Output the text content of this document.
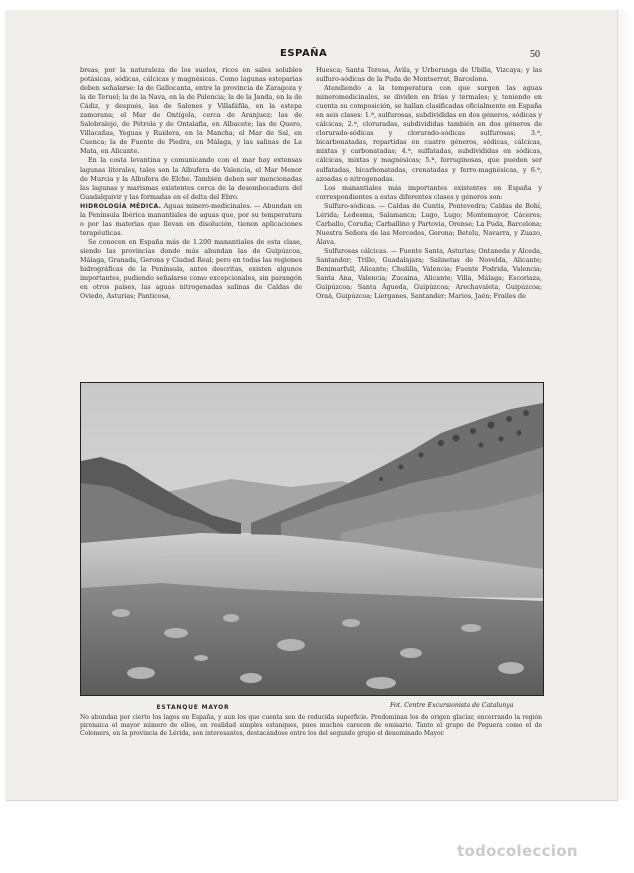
ESPAÑA	50

breas, por la naturaleza de los suelos, ricos en sales solubles potásicas, sódicas, cálcicas y magnésicas. Como lagunas esteparias deben señalarse: la de Gallocanta, entre la provincia de Zaragoza y la de Teruel; la de la Nava, en la de Palencia; la de la Janda, en la de Cádiz, y después, las de Salones y Villafáfila, en la estepa zamorana; el Mar de Ontígola, cerca de Aranjuez; las de Salobralejo, de Pétrola y de Ontalafia, en Albacete; las de Quero, Villacañas, Yeguas y Ruidera, en la Mancha; el Mar de Sal, en Cuenca; la de Fuente de Piedra, en Málaga, y las salinas de La Mata, en Alicante.

En la costa levantina y comunicando con el mar hay extensas lagunas litorales, tales son la Albufera de Valencia, el Mar Menor de Murcia y la Albufera de Elche. También deben ser mencionadas las lagunas y marismas existentes cerca de la desembocadura del Guadalquivir y las formadas en el delta del Ebro.

HIDROLOGÍA MÉDICA. Aguas minero-medicinales. — Abundan en la Península Ibérica manantiales de aguas que, por su temperatura o por las materias que llevan en disolución, tienen aplicaciones terapéuticas.

Se conocen en España más de 1.200 manantiales de esta clase, siendo las provincias donde más abundan las de Guipúzcoa, Málaga, Granada, Gerona y Ciudad Real; pero en todas las regiones hidrográficas de la Península, antes descritas, existen algunos importantes, pudiendo señalarse como excepcionales, sin parangón en otros países, las aguas nitrogenadas salinas de Caldas de Oviedo, Asturias; Panticosa,

Huesca; Santa Teresa, Ávila, y Urberuaga de Ubilla, Vizcaya; y las sulfuro-sódicas de la Puda de Montserrat, Barcelona.

Atendiendo a la temperatura con que surgen las aguas mineromedicinales, se dividen en frías y termales; y, teniendo en cuenta su composición, se hallan clasificadas oficialmente en España en seis clases: 1.ª, sulfurosas, subdivididas en dos géneros, sódicas y cálcicas; 2.ª, cloruradas, subdivididas también en dos géneros de clorurado-sódicas y clorurado-sódicas sulfurosas; 3.ª, bicarbonatadas, repartidas en cuatro géneros, sódicas, cálcicas, mixtas y carbonatadas; 4.ª, sulfatadas, subdivididas en sódicas, cálcicas, mixtas y magnésicas; 5.ª, ferruginosas, que pueden ser sulfatadas, bicarbonatadas, crenatadas y ferro-magnésicas, y 6.ª, azoadas o nitrogenadas.

Los manantiales más importantes existentes en España y correspondientes a estas diferentes clases y géneros son:

Sulfuro-sódicas. — Caldas de Cuntis, Pontevedra; Caldas de Bohí, Lérida; Ledesma, Salamanca; Lugo, Lugo; Montemayor, Cáceres; Carballo, Coruña; Carballino y Partovia, Orense; La Puda, Barcelona; Nuestra Señora de las Mercedes, Gerona; Betelu, Navarra, y Zuazo, Álava.

Sulfurosas cálcicas. — Fuente Santa, Asturias; Ontaneda y Alceda, Santander; Trillo, Guadalajara; Salinetas de Novelda, Alicante; Benimarfull, Alicante; Chulilla, Valencia; Fuente Podrida, Valencia; Santa Ana, Valencia; Zucaina, Alicante; Villa, Málaga; Escoriaza, Guipúzcoa; Santa Águeda, Guipúzcoa; Arechavaleta, Guipúzcoa; Oraá, Guipúzcoa; Lierganes, Santander; Marios, Jaén; Frailes de

ESTANQUE MAYOR	Fot. Centre Excursionista de Catalunya
No abundan por cierto los lagos en España, y aun los que cuenta son de reducida superficie. Predominan los de origen glaciar, encerrando la región pirenaica el mayor número de ellos, en realidad simples estanques, pues muchos carecen de emisario. Tanto el grupo de Peguera como el de Colomers, en la provincia de Lérida, son interesantes, destacándose entre los del segundo grupo el denominado Mayor.
todocoleccion
